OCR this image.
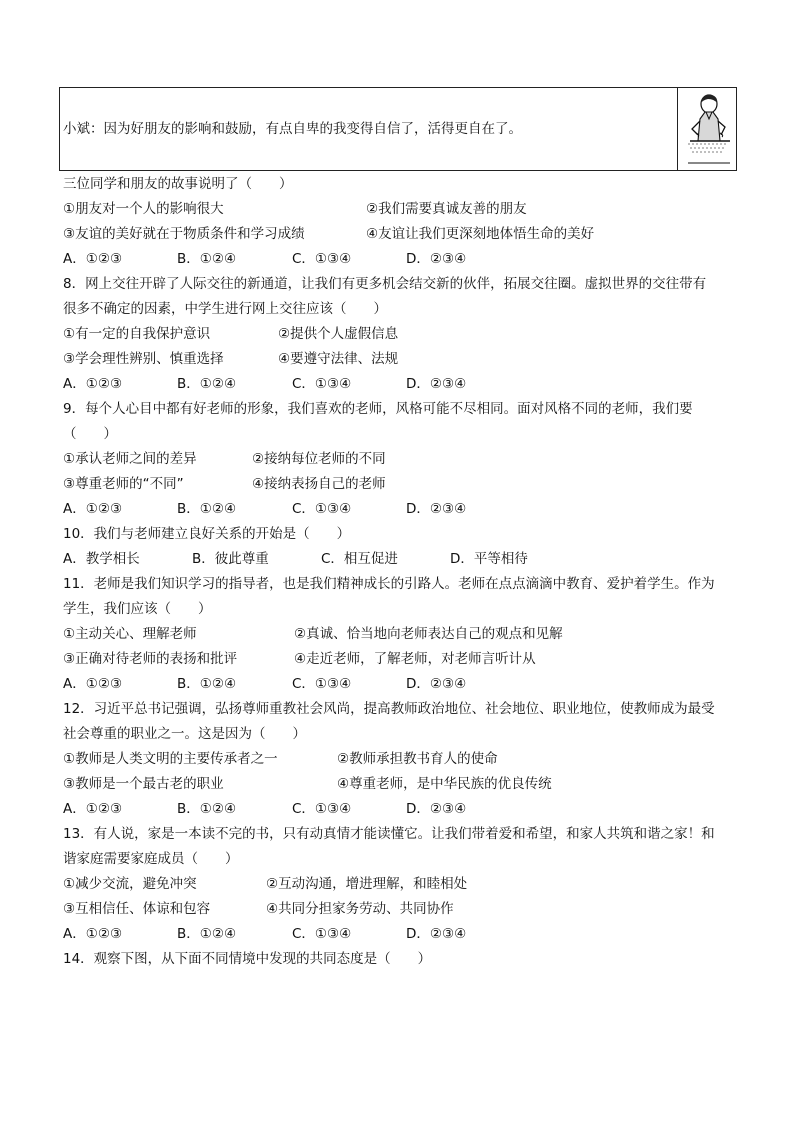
小斌：因为好朋友的影响和鼓励，有点自卑的我变得自信了，活得更自在了。
三位同学和朋友的故事说明了（　　）
①朋友对一个人的影响很大	②我们需要真诚友善的朋友
③友谊的美好就在于物质条件和学习成绩	④友谊让我们更深刻地体悟生命的美好
A．①②③	B．①②④	C．①③④	D．②③④
8．网上交往开辟了人际交往的新通道，让我们有更多机会结交新的伙伴，拓展交往圈。虚拟世界的交往带有
很多不确定的因素，中学生进行网上交往应该（　　）
①有一定的自我保护意识	②提供个人虚假信息
③学会理性辨别、慎重选择	④要遵守法律、法规
A．①②③	B．①②④	C．①③④	D．②③④
9．每个人心目中都有好老师的形象，我们喜欢的老师，风格可能不尽相同。面对风格不同的老师，我们要
（　　）
①承认老师之间的差异	②接纳每位老师的不同
③尊重老师的“不同”	④接纳表扬自己的老师
A．①②③	B．①②④	C．①③④	D．②③④
10．我们与老师建立良好关系的开始是（　　）
A．教学相长	B．彼此尊重	C．相互促进	D．平等相待
11．老师是我们知识学习的指导者，也是我们精神成长的引路人。老师在点点滴滴中教育、爱护着学生。作为
学生，我们应该（　　）
①主动关心、理解老师	②真诚、恰当地向老师表达自己的观点和见解
③正确对待老师的表扬和批评	④走近老师，了解老师，对老师言听计从
A．①②③	B．①②④	C．①③④	D．②③④
12．习近平总书记强调，弘扬尊师重教社会风尚，提高教师政治地位、社会地位、职业地位，使教师成为最受
社会尊重的职业之一。这是因为（　　）
①教师是人类文明的主要传承者之一	②教师承担教书育人的使命
③教师是一个最古老的职业	④尊重老师，是中华民族的优良传统
A．①②③	B．①②④	C．①③④	D．②③④
13．有人说，家是一本读不完的书，只有动真情才能读懂它。让我们带着爱和希望，和家人共筑和谐之家！和
谐家庭需要家庭成员（　　）
①减少交流，避免冲突	②互动沟通，增进理解，和睦相处
③互相信任、体谅和包容	④共同分担家务劳动、共同协作
A．①②③	B．①②④	C．①③④	D．②③④
14．观察下图，从下面不同情境中发现的共同态度是（　　）
